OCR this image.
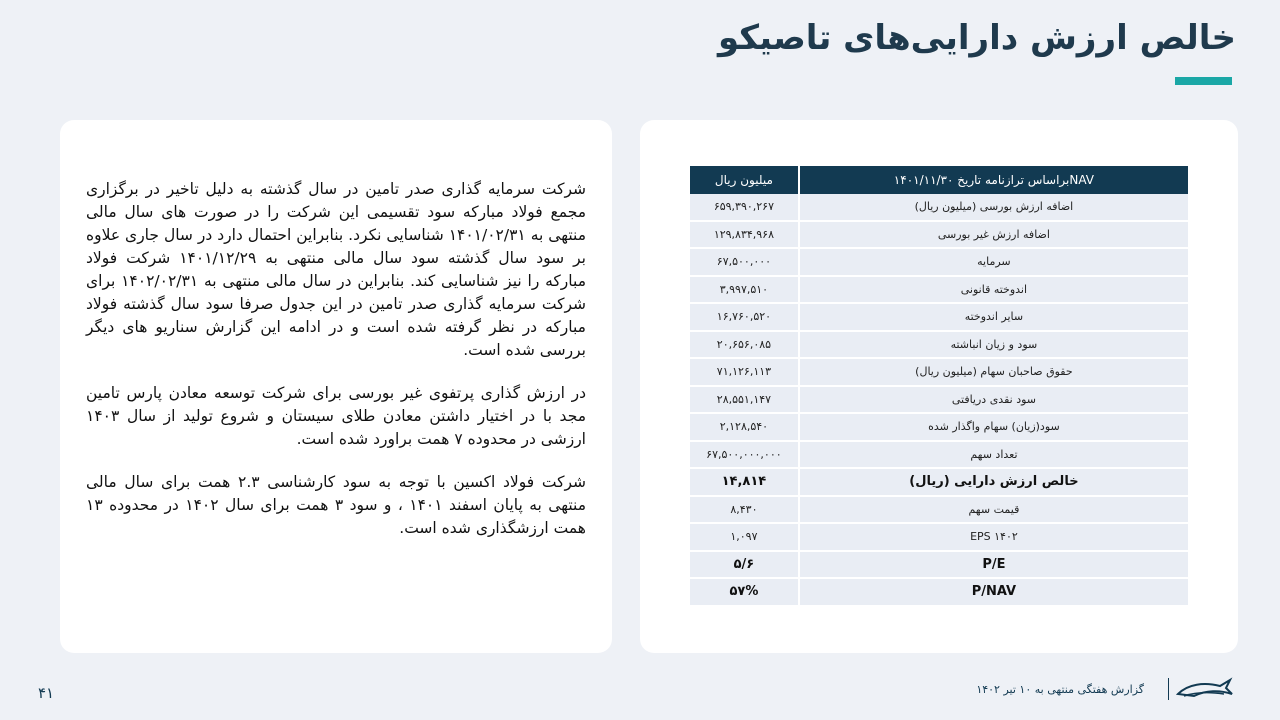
خالص ارزش دارایی‌های تاصیکو

شرکت سرمایه گذاری صدر تامین در سال گذشته به دلیل تاخیر در برگزاری مجمع فولاد مبارکه سود تقسیمی این شرکت را در صورت های سال مالی منتهی به ۱۴۰۱/۰۲/۳۱ شناسایی نکرد. بنابراین احتمال دارد در سال جاری علاوه بر سود سال گذشته سود سال مالی منتهی به ۱۴۰۱/۱۲/۲۹ شرکت فولاد مبارکه را نیز شناسایی کند. بنابراین در سال مالی منتهی به ۱۴۰۲/۰۲/۳۱ برای شرکت سرمایه گذاری صدر تامین در این جدول صرفا سود سال گذشته فولاد مبارکه در نظر گرفته شده است و در ادامه این گزارش سناریو های دیگر بررسی شده است.

در ارزش گذاری پرتفوی غیر بورسی برای شرکت توسعه معادن پارس تامین مجد با در اختیار داشتن معادن طلای سیستان و شروع تولید از سال ۱۴۰۳ ارزشی در محدوده ۷ همت براورد شده است.

شرکت فولاد اکسین با توجه به سود کارشناسی ۲.۳ همت برای سال مالی منتهی به پایان اسفند ۱۴۰۱ ، و سود ۳ همت برای سال ۱۴۰۲ در محدوده ۱۳ همت ارزشگذاری شده است.

NAVبراساس ترازنامه تاریخ ۱۴۰۱/۱۱/۳۰	میلیون ریال
اضافه ارزش بورسی (میلیون ریال)	۶۵۹,۳۹۰,۲۶۷
اضافه ارزش غیر بورسی	۱۲۹,۸۳۴,۹۶۸
سرمایه	۶۷,۵۰۰,۰۰۰
اندوخته قانونی	۳,۹۹۷,۵۱۰
سایر اندوخته	۱۶,۷۶۰,۵۲۰
سود و زیان انباشته	۲۰,۶۵۶,۰۸۵
حقوق صاحبان سهام (میلیون ریال)	۷۱,۱۲۶,۱۱۳
سود نقدی دریافتی	۲۸,۵۵۱,۱۴۷
سود(زیان) سهام واگذار شده	۲,۱۲۸,۵۴۰
تعداد سهم	۶۷,۵۰۰,۰۰۰,۰۰۰
خالص ارزش دارایی (ریال)	۱۴,۸۱۴
قیمت سهم	۸,۴۳۰
EPS ۱۴۰۲	۱,۰۹۷
P/E	۵/۶
P/NAV	۵۷%
گزارش هفتگی منتهی به ۱۰ تیر ۱۴۰۲
۴۱
